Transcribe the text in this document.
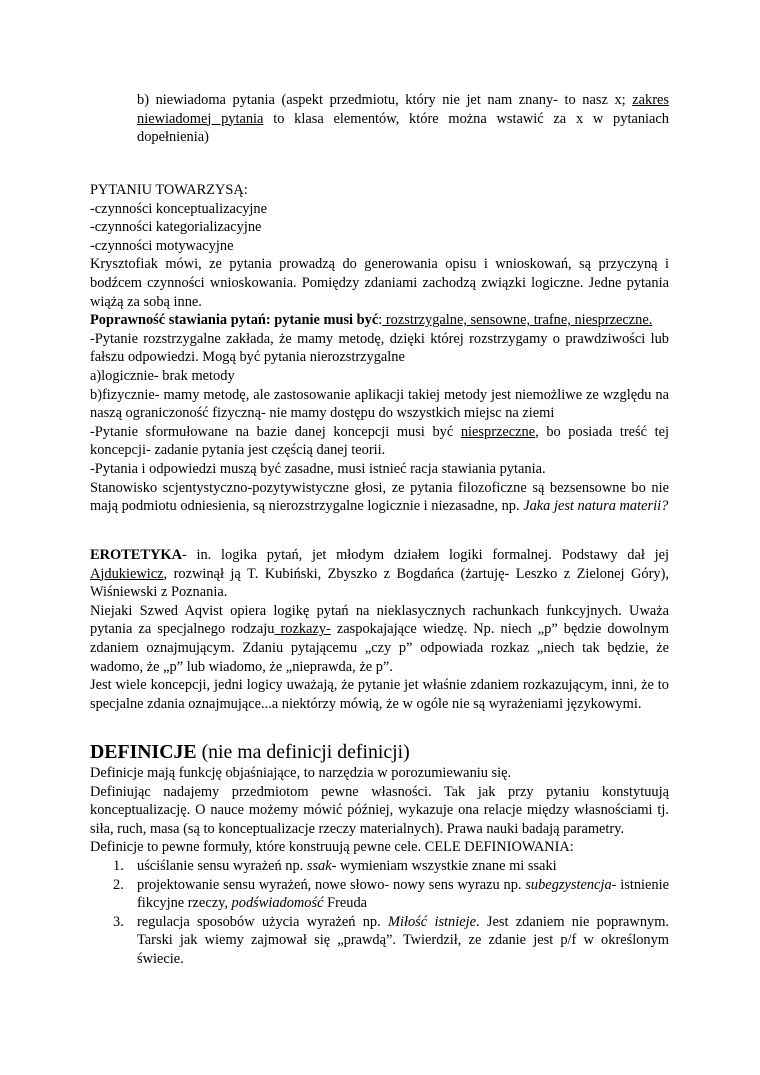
b) niewiadoma pytania (aspekt przedmiotu, który nie jet nam znany- to nasz x; zakres niewiadomej pytania to klasa elementów, które można wstawić za x w pytaniach dopełnienia)

PYTANIU TOWARZYSĄ:

-czynności konceptualizacyjne

-czynności kategorializacyjne

-czynności motywacyjne

Krysztofiak mówi, ze pytania prowadzą do generowania opisu i wnioskowań, są przyczyną i bodźcem czynności wnioskowania. Pomiędzy zdaniami zachodzą związki logiczne. Jedne pytania wiążą za sobą inne.

Poprawność stawiania pytań: pytanie musi być: rozstrzygalne, sensowne, trafne, niesprzeczne.

-Pytanie rozstrzygalne zakłada, że mamy metodę, dzięki której rozstrzygamy o prawdziwości lub fałszu odpowiedzi. Mogą być pytania nierozstrzygalne

a)logicznie- brak metody

b)fizycznie- mamy metodę, ale zastosowanie aplikacji takiej metody jest niemożliwe ze względu na naszą ograniczoność fizyczną- nie mamy dostępu do wszystkich miejsc na ziemi

-Pytanie sformułowane na bazie danej koncepcji musi być niesprzeczne, bo posiada treść tej koncepcji- zadanie pytania jest częścią danej teorii.

-Pytania i odpowiedzi muszą być zasadne, musi istnieć racja stawiania pytania.

Stanowisko scjentystyczno-pozytywistyczne głosi, ze pytania filozoficzne są bezsensowne bo nie mają podmiotu odniesienia, są nierozstrzygalne logicznie i niezasadne, np. Jaka jest natura materii?

EROTETYKA- in. logika pytań, jet młodym działem logiki formalnej. Podstawy dał jej Ajdukiewicz, rozwinął ją T. Kubiński, Zbyszko z Bogdańca (żartuję- Leszko z Zielonej Góry), Wiśniewski z Poznania.

Niejaki Szwed Aqvist opiera logikę pytań na nieklasycznych rachunkach funkcyjnych. Uważa pytania za specjalnego rodzaju rozkazy- zaspokajające wiedzę. Np. niech „p” będzie dowolnym zdaniem oznajmującym. Zdaniu pytającemu „czy p” odpowiada rozkaz „niech tak będzie, że wadomo, że „p” lub wiadomo, że „nieprawda, że p”.

Jest wiele koncepcji, jedni logicy uważają, że pytanie jet właśnie zdaniem rozkazującym, inni, że to specjalne zdania oznajmujące...a niektórzy mówią, że w ogóle nie są wyrażeniami językowymi.

DEFINICJE (nie ma definicji definicji)

Definicje mają funkcję objaśniające, to narzędzia w porozumiewaniu się.

Definiując nadajemy przedmiotom pewne własności. Tak jak przy pytaniu konstytuują konceptualizację. O nauce możemy mówić później, wykazuje ona relacje między własnościami tj. siła, ruch, masa (są to konceptualizacje rzeczy materialnych). Prawa nauki badają parametry.

Definicje to pewne formuły, które konstruują pewne cele. CELE DEFINIOWANIA:

1. uściślanie sensu wyrażeń np. ssak- wymieniam wszystkie znane mi ssaki
2. projektowanie sensu wyrażeń, nowe słowo- nowy sens wyrazu np. subegzystencja- istnienie fikcyjne rzeczy, podświadomość Freuda
3. regulacja sposobów użycia wyrażeń np. Miłość istnieje. Jest zdaniem nie poprawnym. Tarski jak wiemy zajmował się „prawdą”. Twierdził, ze zdanie jest p/f w określonym świecie.
